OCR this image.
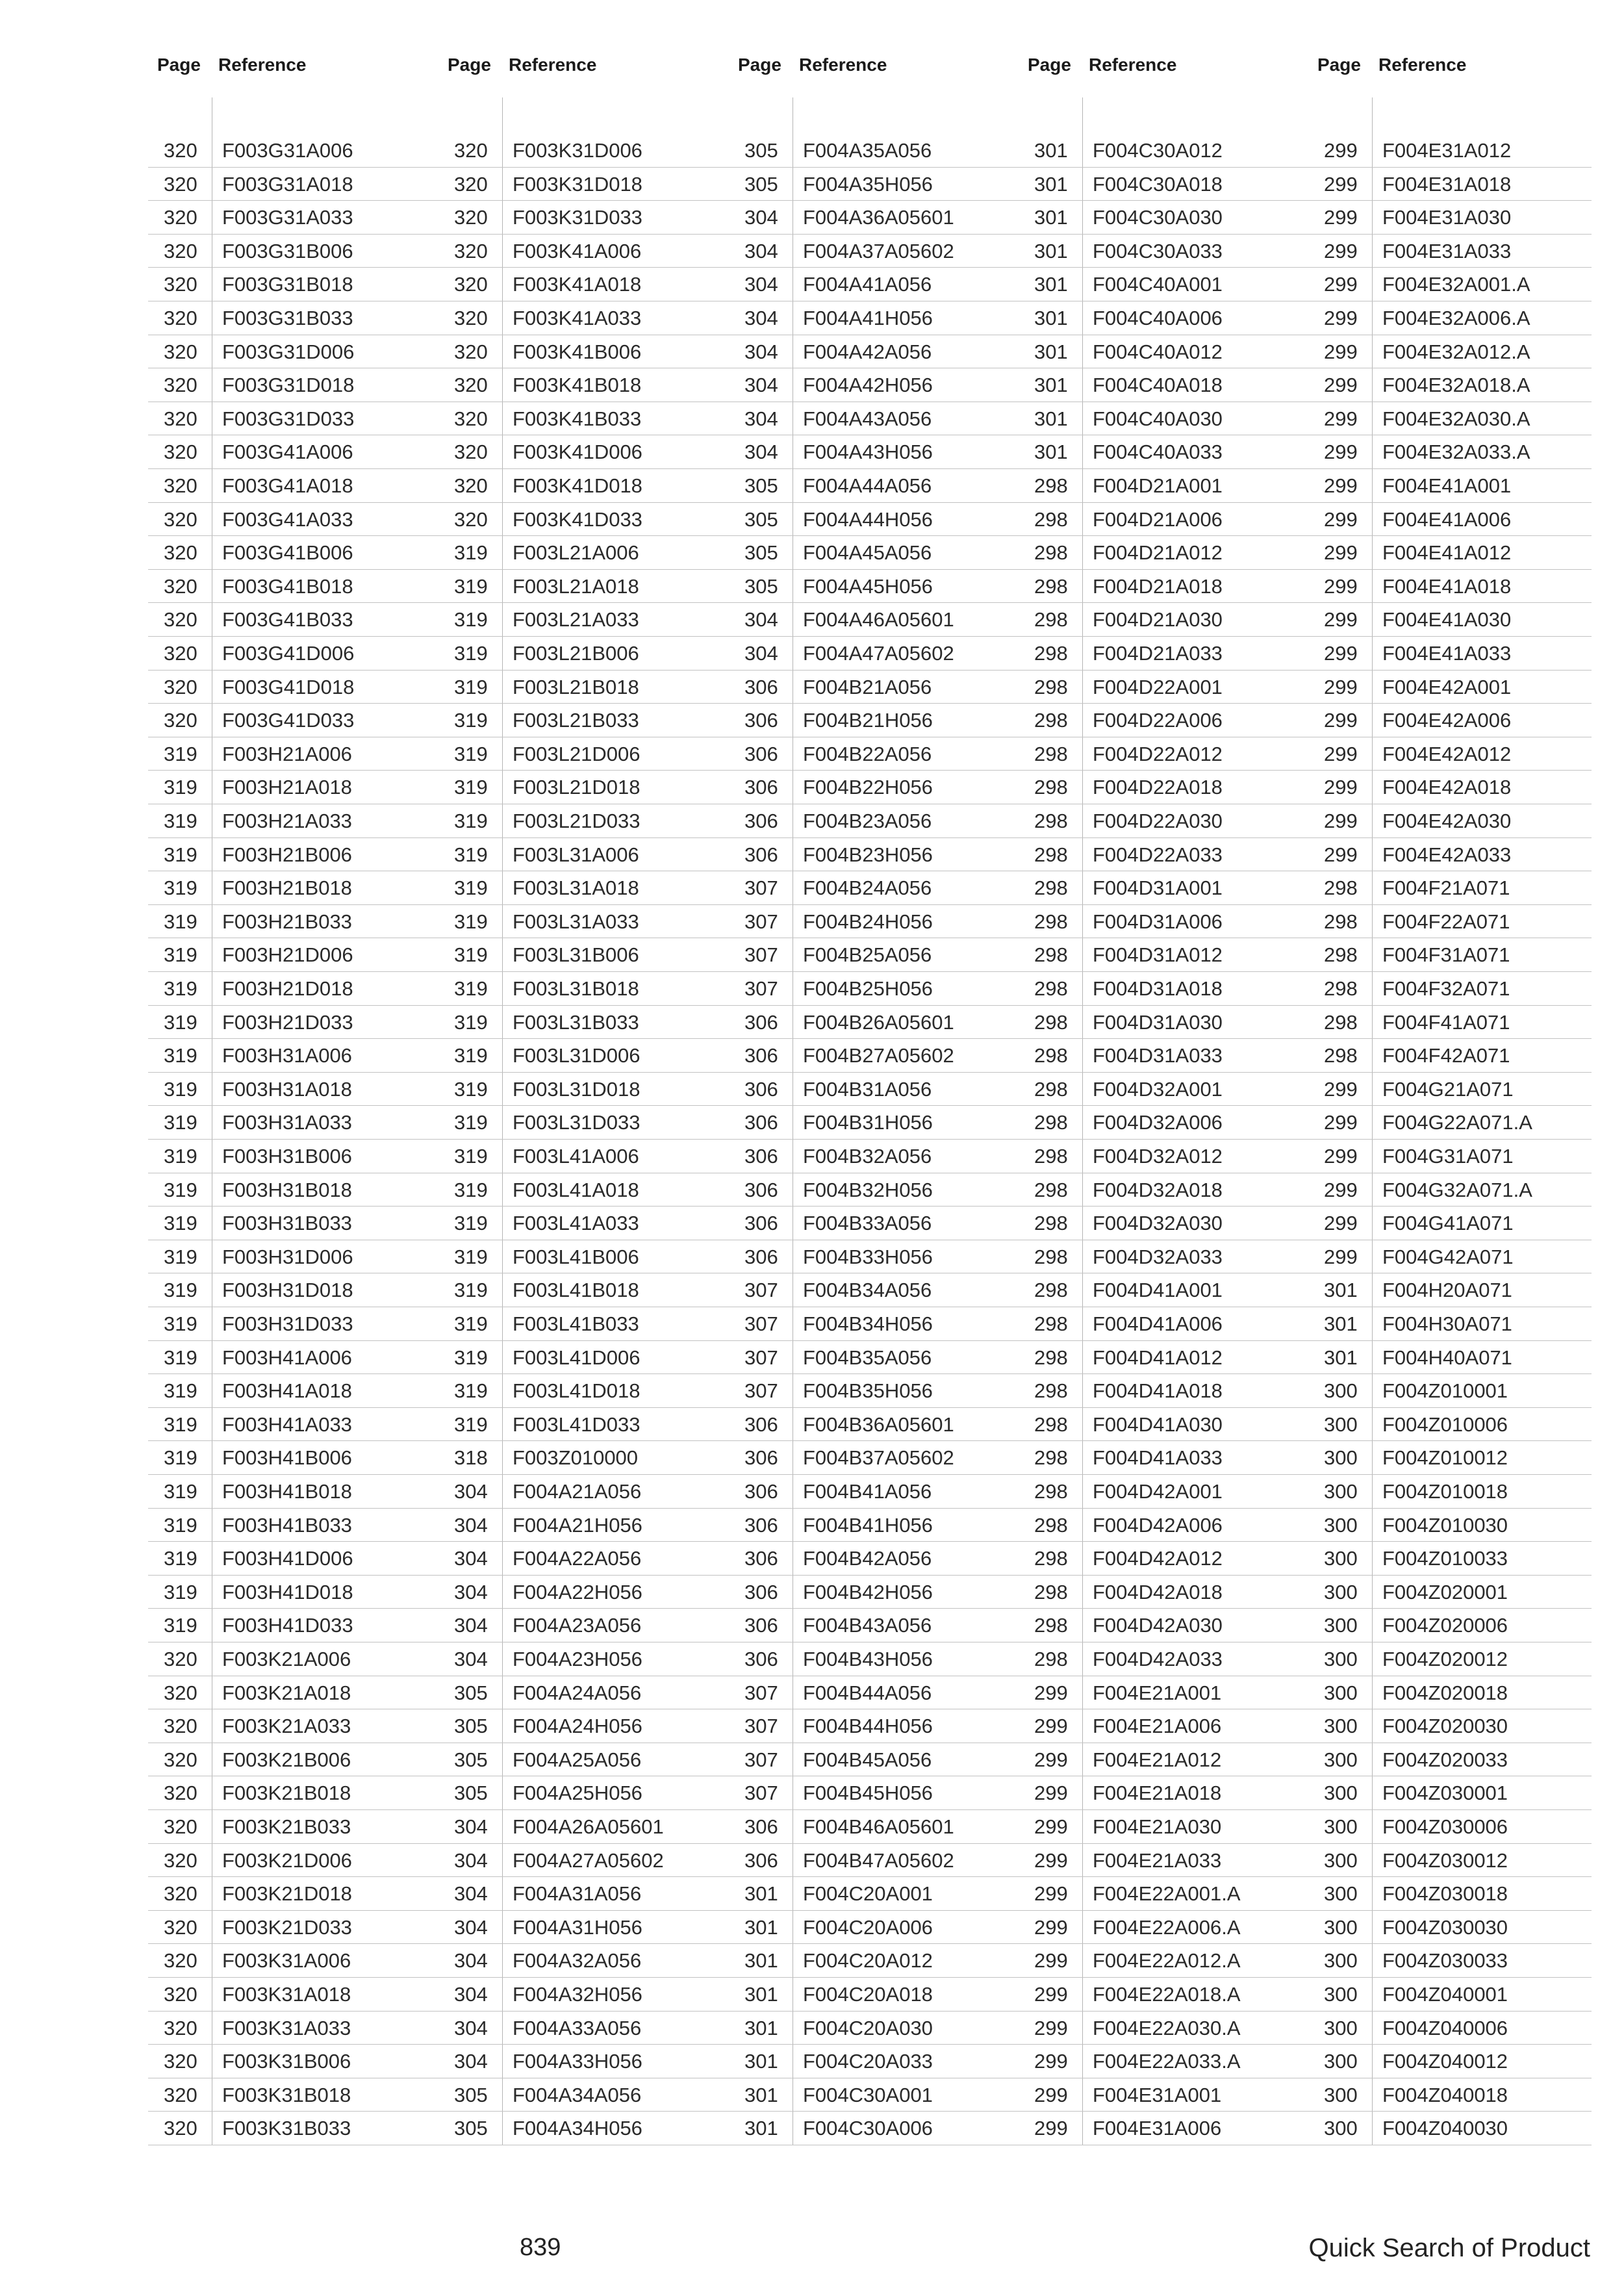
Page Reference
320 F003G31A006
320 F003G31A018
320 F003G31A033
320 F003G31B006
320 F003G31B018
320 F003G31B033
320 F003G31D006
320 F003G31D018
320 F003G31D033
320 F003G41A006
320 F003G41A018
320 F003G41A033
320 F003G41B006
320 F003G41B018
320 F003G41B033
320 F003G41D006
320 F003G41D018
320 F003G41D033
319 F003H21A006
319 F003H21A018
319 F003H21A033
319 F003H21B006
319 F003H21B018
319 F003H21B033
319 F003H21D006
319 F003H21D018
319 F003H21D033
319 F003H31A006
319 F003H31A018
319 F003H31A033
319 F003H31B006
319 F003H31B018
319 F003H31B033
319 F003H31D006
319 F003H31D018
319 F003H31D033
319 F003H41A006
319 F003H41A018
319 F003H41A033
319 F003H41B006
319 F003H41B018
319 F003H41B033
319 F003H41D006
319 F003H41D018
319 F003H41D033
320 F003K21A006
320 F003K21A018
320 F003K21A033
320 F003K21B006
320 F003K21B018
320 F003K21B033
320 F003K21D006
320 F003K21D018
320 F003K21D033
320 F003K31A006
320 F003K31A018
320 F003K31A033
320 F003K31B006
320 F003K31B018
320 F003K31B033
Page Reference
320 F003K31D006
320 F003K31D018
320 F003K31D033
320 F003K41A006
320 F003K41A018
320 F003K41A033
320 F003K41B006
320 F003K41B018
320 F003K41B033
320 F003K41D006
320 F003K41D018
320 F003K41D033
319 F003L21A006
319 F003L21A018
319 F003L21A033
319 F003L21B006
319 F003L21B018
319 F003L21B033
319 F003L21D006
319 F003L21D018
319 F003L21D033
319 F003L31A006
319 F003L31A018
319 F003L31A033
319 F003L31B006
319 F003L31B018
319 F003L31B033
319 F003L31D006
319 F003L31D018
319 F003L31D033
319 F003L41A006
319 F003L41A018
319 F003L41A033
319 F003L41B006
319 F003L41B018
319 F003L41B033
319 F003L41D006
319 F003L41D018
319 F003L41D033
318 F003Z010000
304 F004A21A056
304 F004A21H056
304 F004A22A056
304 F004A22H056
304 F004A23A056
304 F004A23H056
305 F004A24A056
305 F004A24H056
305 F004A25A056
305 F004A25H056
304 F004A26A05601
304 F004A27A05602
304 F004A31A056
304 F004A31H056
304 F004A32A056
304 F004A32H056
304 F004A33A056
304 F004A33H056
305 F004A34A056
305 F004A34H056
Page Reference
305 F004A35A056
305 F004A35H056
304 F004A36A05601
304 F004A37A05602
304 F004A41A056
304 F004A41H056
304 F004A42A056
304 F004A42H056
304 F004A43A056
304 F004A43H056
305 F004A44A056
305 F004A44H056
305 F004A45A056
305 F004A45H056
304 F004A46A05601
304 F004A47A05602
306 F004B21A056
306 F004B21H056
306 F004B22A056
306 F004B22H056
306 F004B23A056
306 F004B23H056
307 F004B24A056
307 F004B24H056
307 F004B25A056
307 F004B25H056
306 F004B26A05601
306 F004B27A05602
306 F004B31A056
306 F004B31H056
306 F004B32A056
306 F004B32H056
306 F004B33A056
306 F004B33H056
307 F004B34A056
307 F004B34H056
307 F004B35A056
307 F004B35H056
306 F004B36A05601
306 F004B37A05602
306 F004B41A056
306 F004B41H056
306 F004B42A056
306 F004B42H056
306 F004B43A056
306 F004B43H056
307 F004B44A056
307 F004B44H056
307 F004B45A056
307 F004B45H056
306 F004B46A05601
306 F004B47A05602
301 F004C20A001
301 F004C20A006
301 F004C20A012
301 F004C20A018
301 F004C20A030
301 F004C20A033
301 F004C30A001
301 F004C30A006
Page Reference
301 F004C30A012
301 F004C30A018
301 F004C30A030
301 F004C30A033
301 F004C40A001
301 F004C40A006
301 F004C40A012
301 F004C40A018
301 F004C40A030
301 F004C40A033
298 F004D21A001
298 F004D21A006
298 F004D21A012
298 F004D21A018
298 F004D21A030
298 F004D21A033
298 F004D22A001
298 F004D22A006
298 F004D22A012
298 F004D22A018
298 F004D22A030
298 F004D22A033
298 F004D31A001
298 F004D31A006
298 F004D31A012
298 F004D31A018
298 F004D31A030
298 F004D31A033
298 F004D32A001
298 F004D32A006
298 F004D32A012
298 F004D32A018
298 F004D32A030
298 F004D32A033
298 F004D41A001
298 F004D41A006
298 F004D41A012
298 F004D41A018
298 F004D41A030
298 F004D41A033
298 F004D42A001
298 F004D42A006
298 F004D42A012
298 F004D42A018
298 F004D42A030
298 F004D42A033
299 F004E21A001
299 F004E21A006
299 F004E21A012
299 F004E21A018
299 F004E21A030
299 F004E21A033
299 F004E22A001.A
299 F004E22A006.A
299 F004E22A012.A
299 F004E22A018.A
299 F004E22A030.A
299 F004E22A033.A
299 F004E31A001
299 F004E31A006
Page Reference
299 F004E31A012
299 F004E31A018
299 F004E31A030
299 F004E31A033
299 F004E32A001.A
299 F004E32A006.A
299 F004E32A012.A
299 F004E32A018.A
299 F004E32A030.A
299 F004E32A033.A
299 F004E41A001
299 F004E41A006
299 F004E41A012
299 F004E41A018
299 F004E41A030
299 F004E41A033
299 F004E42A001
299 F004E42A006
299 F004E42A012
299 F004E42A018
299 F004E42A030
299 F004E42A033
298 F004F21A071
298 F004F22A071
298 F004F31A071
298 F004F32A071
298 F004F41A071
298 F004F42A071
299 F004G21A071
299 F004G22A071.A
299 F004G31A071
299 F004G32A071.A
299 F004G41A071
299 F004G42A071
301 F004H20A071
301 F004H30A071
301 F004H40A071
300 F004Z010001
300 F004Z010006
300 F004Z010012
300 F004Z010018
300 F004Z010030
300 F004Z010033
300 F004Z020001
300 F004Z020006
300 F004Z020012
300 F004Z020018
300 F004Z020030
300 F004Z020033
300 F004Z030001
300 F004Z030006
300 F004Z030012
300 F004Z030018
300 F004Z030030
300 F004Z030033
300 F004Z040001
300 F004Z040006
300 F004Z040012
300 F004Z040018
300 F004Z040030
839	Quick Search of Product
